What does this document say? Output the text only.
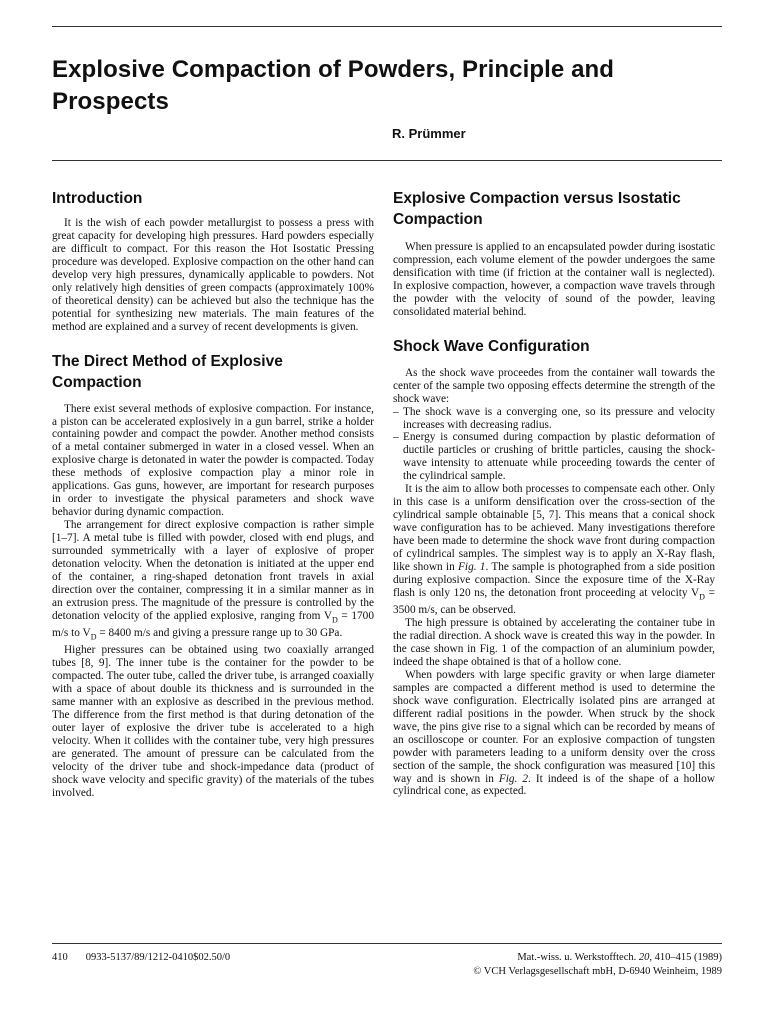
Explosive Compaction of Powders, Principle and Prospects
R. Prümmer
Introduction

It is the wish of each powder metallurgist to possess a press with great capacity for developing high pressures. Hard powders especially are difficult to compact. For this reason the Hot Isostatic Pressing procedure was developed. Explosive compaction on the other hand can develop very high pressures, dynamically applicable to powders. Not only relatively high densities of green compacts (approximately 100% of theoretical density) can be achieved but also the technique has the potential for synthesizing new materials. The main features of the method are explained and a survey of recent developments is given.

The Direct Method of Explosive Compaction

There exist several methods of explosive compaction. For instance, a piston can be accelerated explosively in a gun barrel, strike a holder containing powder and compact the powder. Another method consists of a metal container submerged in water in a closed vessel. When an explosive charge is detonated in water the powder is compacted. Today these methods of explosive compaction play a minor role in applications. Gas guns, however, are important for research purposes in order to investigate the physical parameters and shock wave behavior during dynamic compaction.

The arrangement for direct explosive compaction is rather simple [1–7]. A metal tube is filled with powder, closed with end plugs, and surrounded symmetrically with a layer of explosive of proper detonation velocity. When the detonation is initiated at the upper end of the container, a ring-shaped detonation front travels in axial direction over the container, compressing it in a similar manner as in an extrusion press. The magnitude of the pressure is controlled by the detonation velocity of the applied explosive, ranging from $V_D = 1700$ m/s to $V_D = 8400$ m/s and giving a pressure range up to 30 GPa.

Higher pressures can be obtained using two coaxially arranged tubes [8, 9]. The inner tube is the container for the powder to be compacted. The outer tube, called the driver tube, is arranged coaxially with a space of about double its thickness and is surrounded in the same manner with an explosive as described in the previous method. The difference from the first method is that during detonation of the outer layer of explosive the driver tube is accelerated to a high velocity. When it collides with the container tube, very high pressures are generated. The amount of pressure can be calculated from the velocity of the driver tube and shock-impedance data (product of shock wave velocity and specific gravity) of the materials of the tubes involved.

Explosive Compaction versus Isostatic Compaction

When pressure is applied to an encapsulated powder during isostatic compression, each volume element of the powder undergoes the same densification with time (if friction at the container wall is neglected). In explosive compaction, however, a compaction wave travels through the powder with the velocity of sound of the powder, leaving consolidated material behind.

Shock Wave Configuration

As the shock wave proceedes from the container wall towards the center of the sample two opposing effects determine the strength of the shock wave:

– The shock wave is a converging one, so its pressure and velocity increases with decreasing radius.
– Energy is consumed during compaction by plastic deformation of ductile particles or crushing of brittle particles, causing the shock-wave intensity to attenuate while proceeding towards the center of the cylindrical sample.

It is the aim to allow both processes to compensate each other. Only in this case is a uniform densification over the cross-section of the cylindrical sample obtainable [5, 7]. This means that a conical shock wave configuration has to be achieved. Many investigations therefore have been made to determine the shock wave front during compaction of cylindrical samples. The simplest way is to apply an X-Ray flash, like shown in Fig. 1. The sample is photographed from a side position during explosive compaction. Since the exposure time of the X-Ray flash is only 120 ns, the detonation front proceeding at velocity $V_D = 3500$ m/s, can be observed.

The high pressure is obtained by accelerating the container tube in the radial direction. A shock wave is created this way in the powder. In the case shown in Fig. 1 of the compaction of an aluminium powder, indeed the shape obtained is that of a hollow cone.

When powders with large specific gravity or when large diameter samples are compacted a different method is used to determine the shock wave configuration. Electrically isolated pins are arranged at different radial positions in the powder. When struck by the shock wave, the pins give rise to a signal which can be recorded by means of an oscilloscope or counter. For an explosive compaction of tungsten powder with parameters leading to a uniform density over the cross section of the sample, the shock configuration was measured [10] this way and is shown in Fig. 2. It indeed is of the shape of a hollow cylindrical cone, as expected.

410 0933-5137/89/1212-0410$02.50/0	Mat.-wiss. u. Werkstofftech. 20, 410–415 (1989)
© VCH Verlagsgesellschaft mbH, D-6940 Weinheim, 1989
